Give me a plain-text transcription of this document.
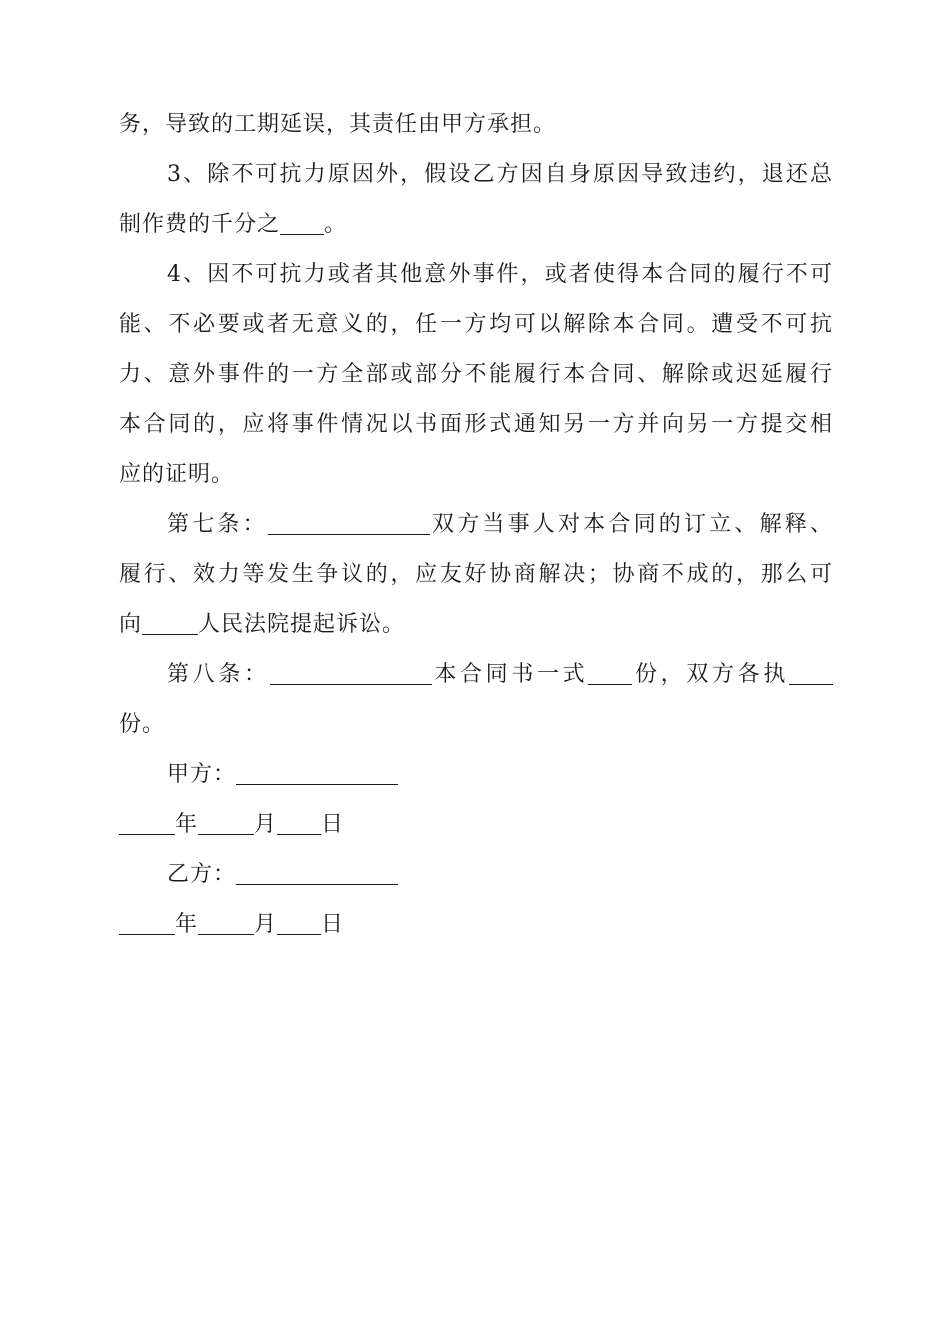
务，导致的工期延误，其责任由甲方承担。
3、除不可抗力原因外，假设乙方因自身原因导致违约，退还总
制作费的千分之 。
4、因不可抗力或者其他意外事件，或者使得本合同的履行不可
能、不必要或者无意义的，任一方均可以解除本合同。遭受不可抗
力、意外事件的一方全部或部分不能履行本合同、解除或迟延履行
本合同的，应将事件情况以书面形式通知另一方并向另一方提交相
应的证明。
第七条：	双方当事人对本合同的订立、解释、
履行、效力等发生争议的，应友好协商解决；协商不成的，那么可
向	人民法院提起诉讼。
第八条：	本合同书一式 份，双方各执
份。
甲方：
年	月 日
乙方：
年	月 日
